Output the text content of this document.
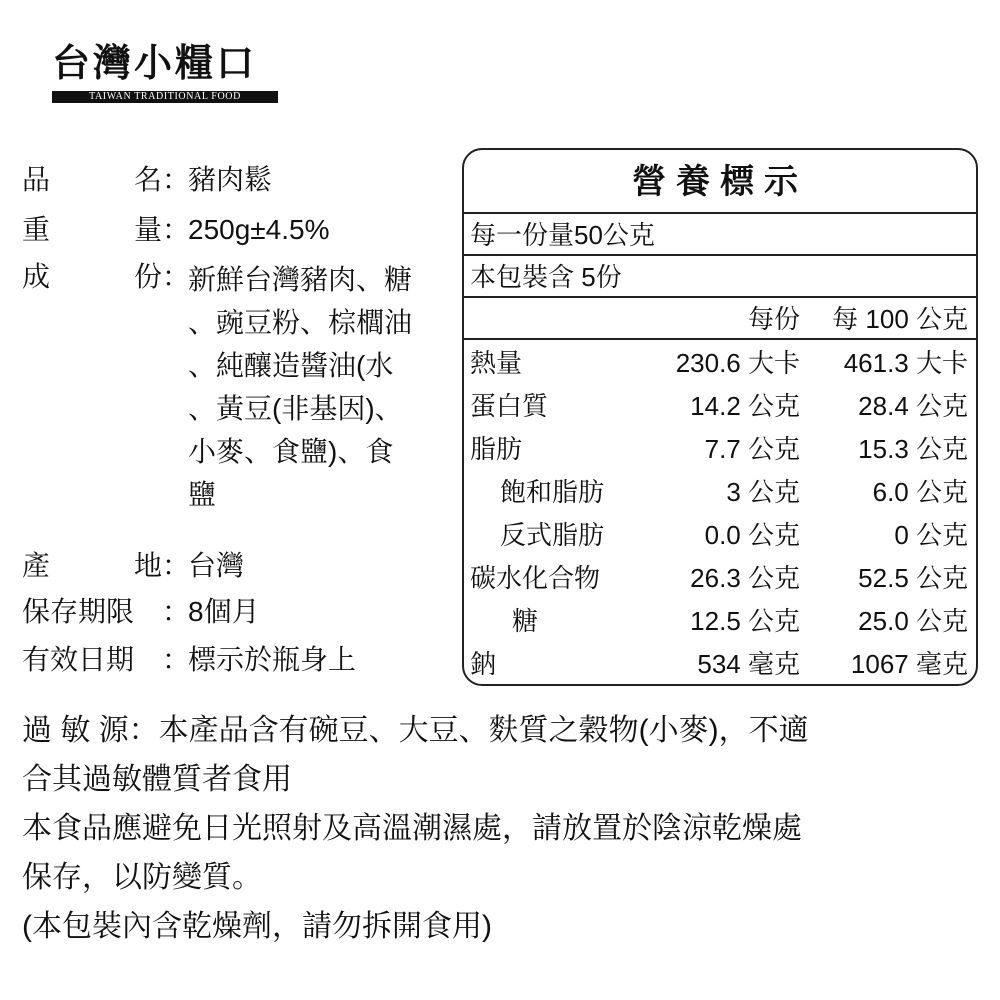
台灣小糧口
TAIWAN TRADITIONAL FOOD
品名：豬肉鬆
重量：250g±4.5%
成份：
新鮮台灣豬肉、糖
、豌豆粉、棕櫚油
、純釀造醬油(水
、黃豆(非基因)、
小麥、食鹽)、食
鹽
產地：台灣
保存期限 ：8個月
有效日期 ：標示於瓶身上
營養標示
每一份量50公克
本包裝含 5份
每份 每 100 公克
熱量	230.6 大卡 461.3 大卡
蛋白質	14.2 公克 28.4 公克
脂肪	7.7 公克 15.3 公克
飽和脂肪	3 公克	6.0 公克
反式脂肪	0.0 公克	0 公克
碳水化合物	26.3 公克 52.5 公克
糖	12.5 公克 25.0 公克
鈉	534 毫克 1067 毫克
過 敏 源：本產品含有碗豆、大豆、麩質之穀物(小麥)，不適
合其過敏體質者食用
本食品應避免日光照射及高溫潮濕處，請放置於陰涼乾燥處
保存，以防變質。
(本包裝內含乾燥劑，請勿拆開食用)
